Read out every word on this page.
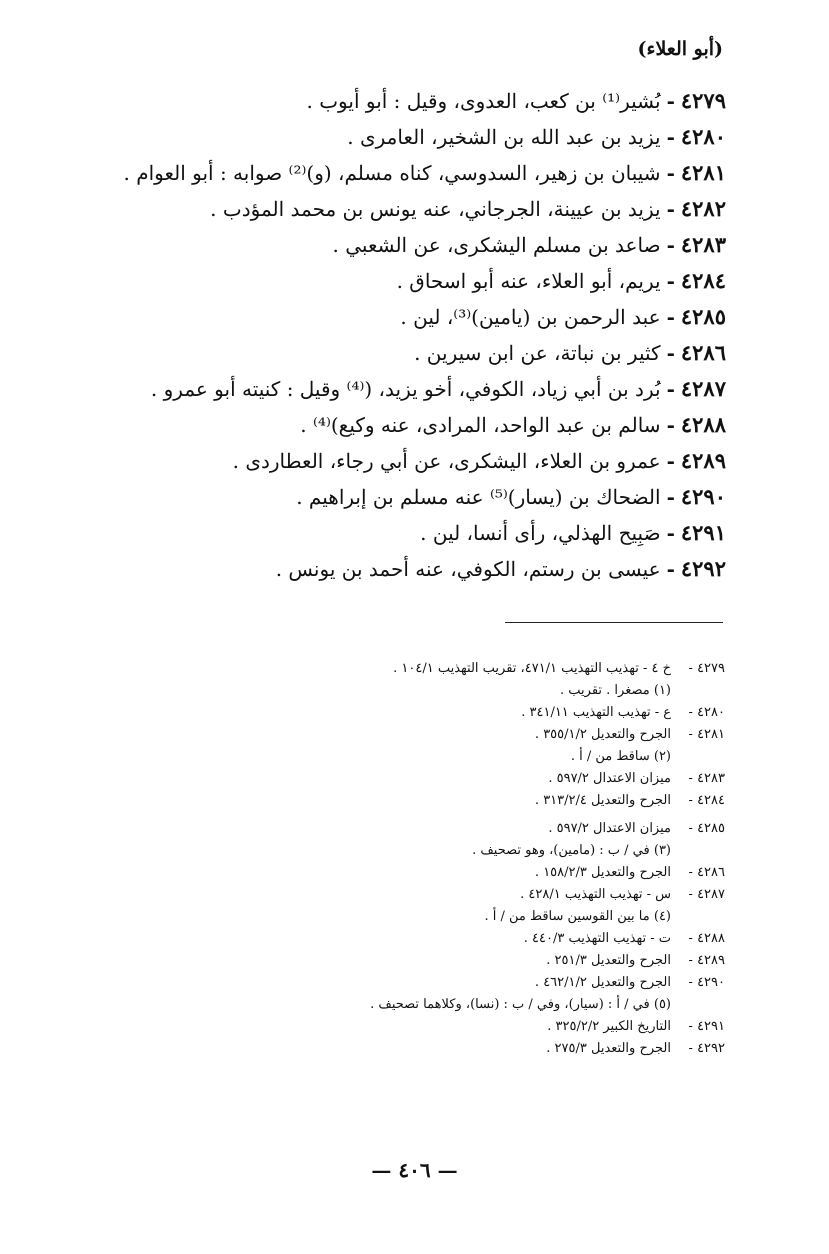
(أبو العلاء)
٤٢٧٩
-
بُشير⁽¹⁾ بن كعب، العدوى، وقيل : أبو أيوب .
٤٢٨٠
-
يزيد بن عبد الله بن الشخير، العامرى .
٤٢٨١
-
شيبان بن زهير، السدوسي، كناه مسلم، (و)⁽²⁾ صوابه : أبو العوام .
٤٢٨٢
-
يزيد بن عيينة، الجرجاني، عنه يونس بن محمد المؤدب .
٤٢٨٣
-
صاعد بن مسلم اليشكرى، عن الشعبي .
٤٢٨٤
-
يريم، أبو العلاء، عنه أبو اسحاق .
٤٢٨٥
-
عبد الرحمن بن (يامين)⁽³⁾، لين .
٤٢٨٦
-
كثير بن نباتة، عن ابن سيرين .
٤٢٨٧
-
بُرد بن أبي زياد، الكوفي، أخو يزيد، (⁽⁴⁾ وقيل : كنيته أبو عمرو .
٤٢٨٨
-
سالم بن عبد الواحد، المرادى، عنه وكيع)⁽⁴⁾ .
٤٢٨٩
-
عمرو بن العلاء، اليشكرى، عن أبي رجاء، العطاردى .
٤٢٩٠
-
الضحاك بن (يسار)⁽⁵⁾ عنه مسلم بن إبراهيم .
٤٢٩١
-
صَبِيح الهذلي، رأى أنسا، لين .
٤٢٩٢
-
عيسى بن رستم، الكوفي، عنه أحمد بن يونس .
٤٢٧٩ -
خ ٤ - تهذيب التهذيب ٤٧١/١، تقريب التهذيب ١٠٤/١ .
(١) مصغرا . تقريب .
٤٢٨٠ -
ع - تهذيب التهذيب ٣٤١/١١ .
٤٢٨١ -
الجرح والتعديل ٣٥٥/١/٢ .
(٢) ساقط من / أ .
٤٢٨٣ -
ميزان الاعتدال ٥٩٧/٢ .
٤٢٨٤ -
الجرح والتعديل ٣١٣/٢/٤ .
٤٢٨٥ -
ميزان الاعتدال ٥٩٧/٢ .
(٣) في / ب : (مامين)، وهو تصحيف .
٤٢٨٦ -
الجرح والتعديل ١٥٨/٢/٣ .
٤٢٨٧ -
س - تهذيب التهذيب ٤٢٨/١ .
(٤) ما بين القوسين ساقط من / أ .
٤٢٨٨ -
ت - تهذيب التهذيب ٤٤٠/٣ .
٤٢٨٩ -
الجرح والتعديل ٢٥١/٣ .
٤٢٩٠ -
الجرح والتعديل ٤٦٢/١/٢ .
(٥) في / أ : (سيار)، وفي / ب : (نسا)، وكلاهما تصحيف .
٤٢٩١ -
التاريخ الكبير ٣٢٥/٢/٢ .
٤٢٩٢ -
الجرح والتعديل ٢٧٥/٣ .
— ٤٠٦ —
